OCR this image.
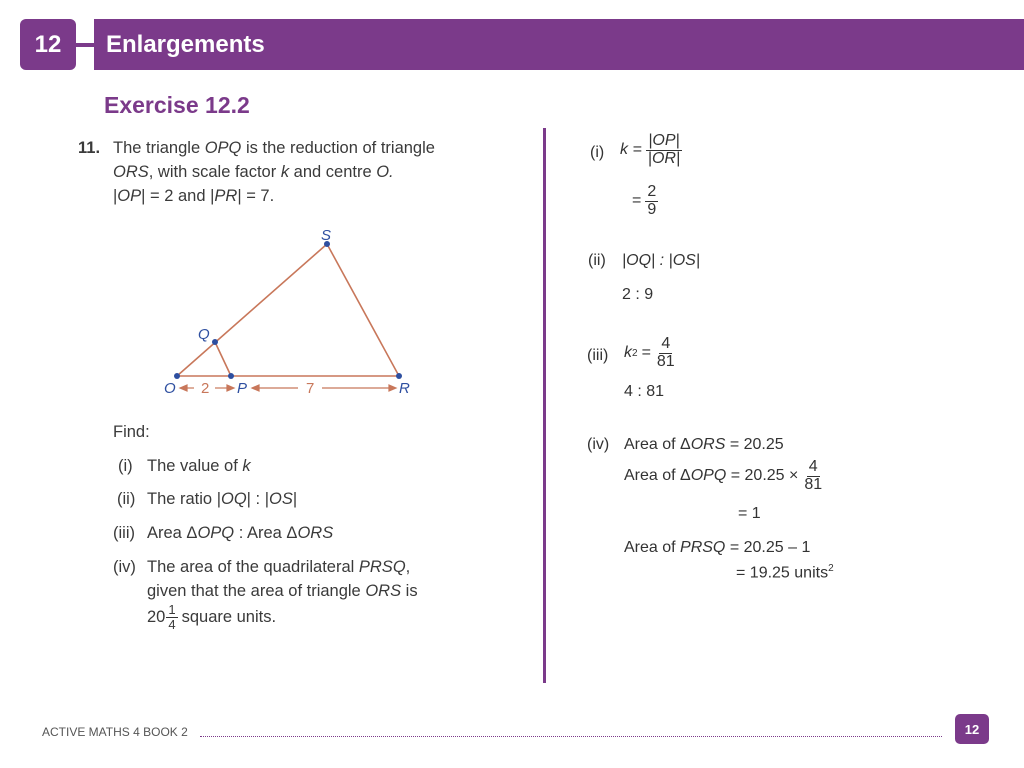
12	Enlargements
Exercise 12.2
11. The triangle OPQ is the reduction of triangle
ORS, with scale factor k and centre O.
|OP| = 2 and |PR| = 7.
S
Q
O	P	R
2	7
Find:
(i) The value of k
(ii) The ratio |OQ| : |OS|
(iii) Area ΔOPQ : Area ΔORS
(iv) The area of the quadrilateral PRSQ,
given that the area of triangle ORS is
$20 \frac{1}{4}$ square units.
(i) $k = \frac{|OP|}{|OR|}$
= $\frac{2}{9}$
(ii) |OQ| : |OS|
2 : 9
(iii) k $2 = \frac{4}{81}$
4 : 81
(iv) Area of ΔORS = 20.25
Area of $\Delta OPQ = 20.25 \times \frac{4}{81}$
= 1
Area of PRSQ = 20.25 – 1
= 19.25 units$^2$
ACTIVE MATHS 4 BOOK 2	12
